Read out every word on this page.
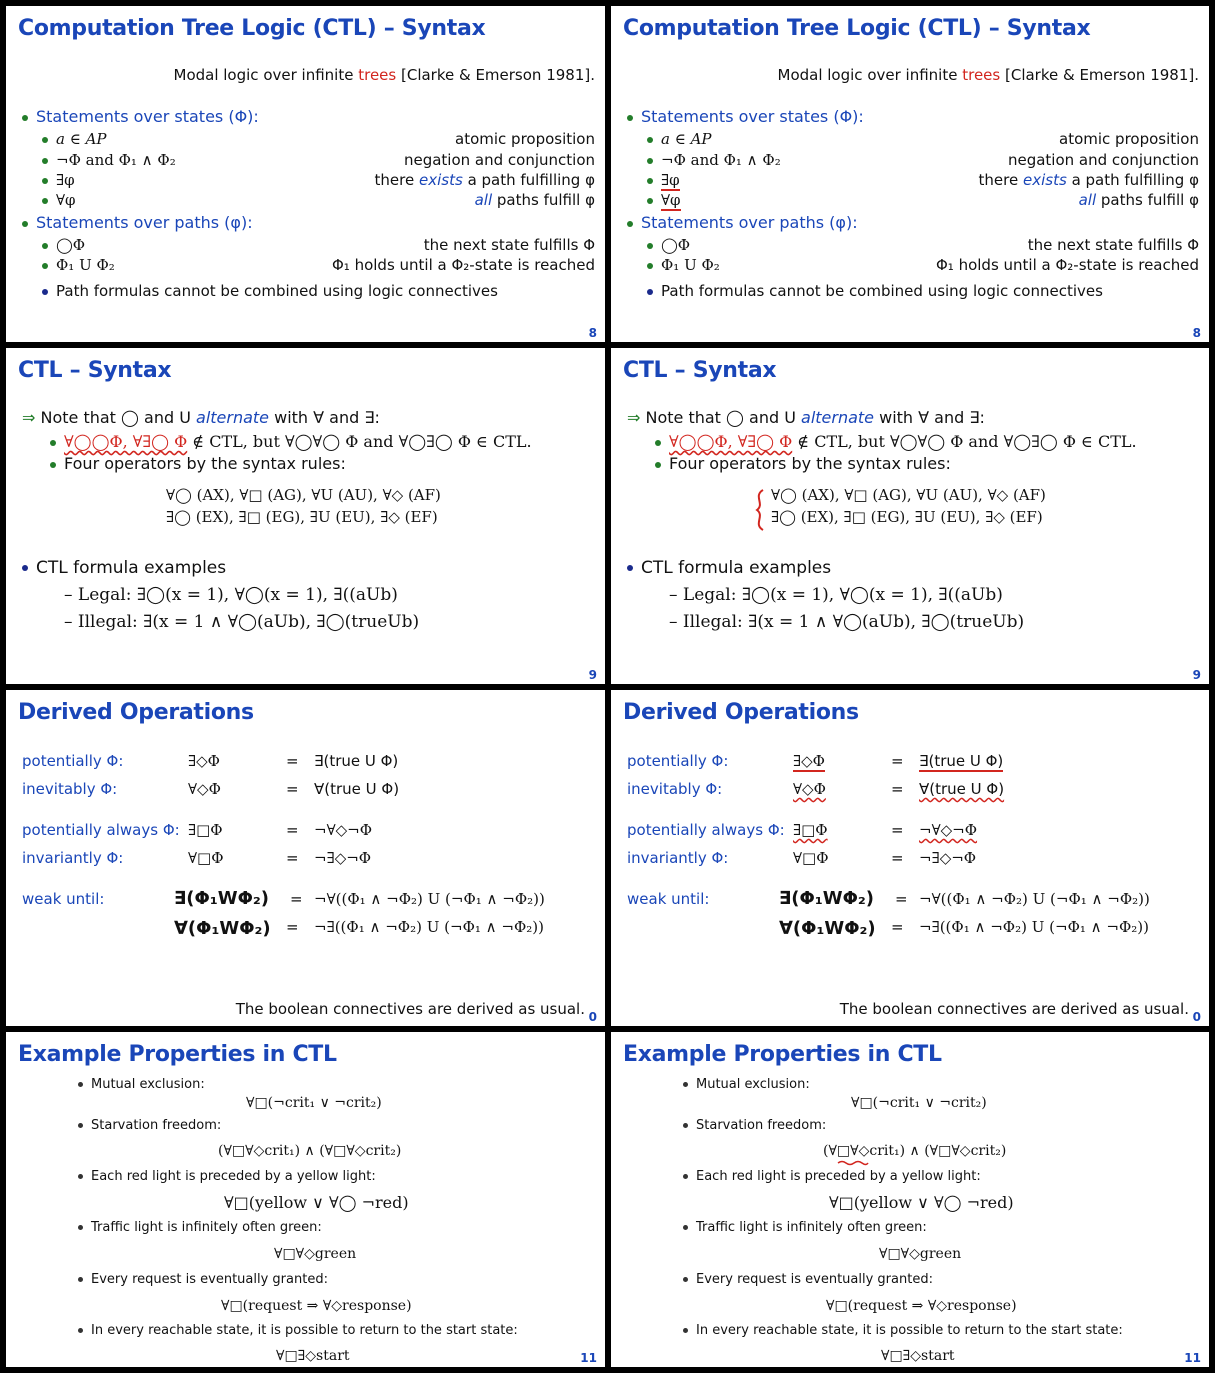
Computation Tree Logic (CTL) – Syntax
Modal logic over infinite trees [Clarke & Emerson 1981].
Statements over states (Φ):
a ∈ AP	atomic proposition
¬Φ and Φ₁ ∧ Φ₂	negation and conjunction
∃φ	there exists a path fulfilling φ
∀φ	all paths fulfill φ
Statements over paths (φ):
◯Φ	the next state fulfills Φ
Φ₁ U Φ₂	Φ₁ holds until a Φ₂-state is reached
Path formulas cannot be combined using logic connectives
8
Computation Tree Logic (CTL) – Syntax
Modal logic over infinite trees [Clarke & Emerson 1981].
Statements over states (Φ):
a ∈ AP	atomic proposition
¬Φ and Φ₁ ∧ Φ₂	negation and conjunction
∃φ	there exists a path fulfilling φ
∀φ	all paths fulfill φ
Statements over paths (φ):
◯Φ	the next state fulfills Φ
Φ₁ U Φ₂	Φ₁ holds until a Φ₂-state is reached
Path formulas cannot be combined using logic connectives
8
CTL – Syntax
⇒ Note that ◯ and U alternate with ∀ and ∃:
∀◯◯Φ, ∀∃◯ Φ ∉ CTL, but ∀◯∀◯ Φ and ∀◯∃◯ Φ ∈ CTL.
Four operators by the syntax rules:
∀◯ (AX), ∀□ (AG), ∀U (AU), ∀◇ (AF)
∃◯ (EX), ∃□ (EG), ∃U (EU), ∃◇ (EF)
CTL formula examples
– Legal: ∃◯(x = 1), ∀◯(x = 1), ∃((aUb)
– Illegal: ∃(x = 1 ∧ ∀◯(aUb), ∃◯(trueUb)
9
CTL – Syntax
⇒ Note that ◯ and U alternate with ∀ and ∃:
∀◯◯Φ, ∀∃◯ Φ ∉ CTL, but ∀◯∀◯ Φ and ∀◯∃◯ Φ ∈ CTL.
Four operators by the syntax rules:
∀◯ (AX), ∀□ (AG), ∀U (AU), ∀◇ (AF)
∃◯ (EX), ∃□ (EG), ∃U (EU), ∃◇ (EF)
CTL formula examples
– Legal: ∃◯(x = 1), ∀◯(x = 1), ∃((aUb)
– Illegal: ∃(x = 1 ∧ ∀◯(aUb), ∃◯(trueUb)
9
Derived Operations
potentially Φ:	∃◇Φ	= ∃(true U Φ)
inevitably Φ:	∀◇Φ	= ∀(true U Φ)
potentially always Φ: ∃□Φ	= ¬∀◇¬Φ
invariantly Φ:	∀□Φ	= ¬∃◇¬Φ
weak until:	∃(Φ₁WΦ₂) = ¬∀((Φ₁ ∧ ¬Φ₂) U (¬Φ₁ ∧ ¬Φ₂))
∀(Φ₁WΦ₂) = ¬∃((Φ₁ ∧ ¬Φ₂) U (¬Φ₁ ∧ ¬Φ₂))
The boolean connectives are derived as usual. 0
Derived Operations
potentially Φ:	∃◇Φ	= ∃(true U Φ)
inevitably Φ:	∀◇Φ	= ∀(true U Φ)
potentially always Φ: ∃□Φ	= ¬∀◇¬Φ
invariantly Φ:	∀□Φ	= ¬∃◇¬Φ
weak until:	∃(Φ₁WΦ₂) = ¬∀((Φ₁ ∧ ¬Φ₂) U (¬Φ₁ ∧ ¬Φ₂))
∀(Φ₁WΦ₂) = ¬∃((Φ₁ ∧ ¬Φ₂) U (¬Φ₁ ∧ ¬Φ₂))
The boolean connectives are derived as usual. 0
Example Properties in CTL
Mutual exclusion:
∀□(¬crit₁ ∨ ¬crit₂)
Starvation freedom:
(∀□∀◇crit₁) ∧ (∀□∀◇crit₂)
Each red light is preceded by a yellow light:
∀□(yellow ∨ ∀◯ ¬red)
Traffic light is infinitely often green:
∀□∀◇green
Every request is eventually granted:
∀□(request ⇒ ∀◇response)
In every reachable state, it is possible to return to the start state:
∀□∃◇start	11
Example Properties in CTL
Mutual exclusion:
∀□(¬crit₁ ∨ ¬crit₂)
Starvation freedom:
(∀□∀◇crit₁) ∧ (∀□∀◇crit₂)
Each red light is preceded by a yellow light:
∀□(yellow ∨ ∀◯ ¬red)
Traffic light is infinitely often green:
∀□∀◇green
Every request is eventually granted:
∀□(request ⇒ ∀◇response)
In every reachable state, it is possible to return to the start state:
∀□∃◇start	11
